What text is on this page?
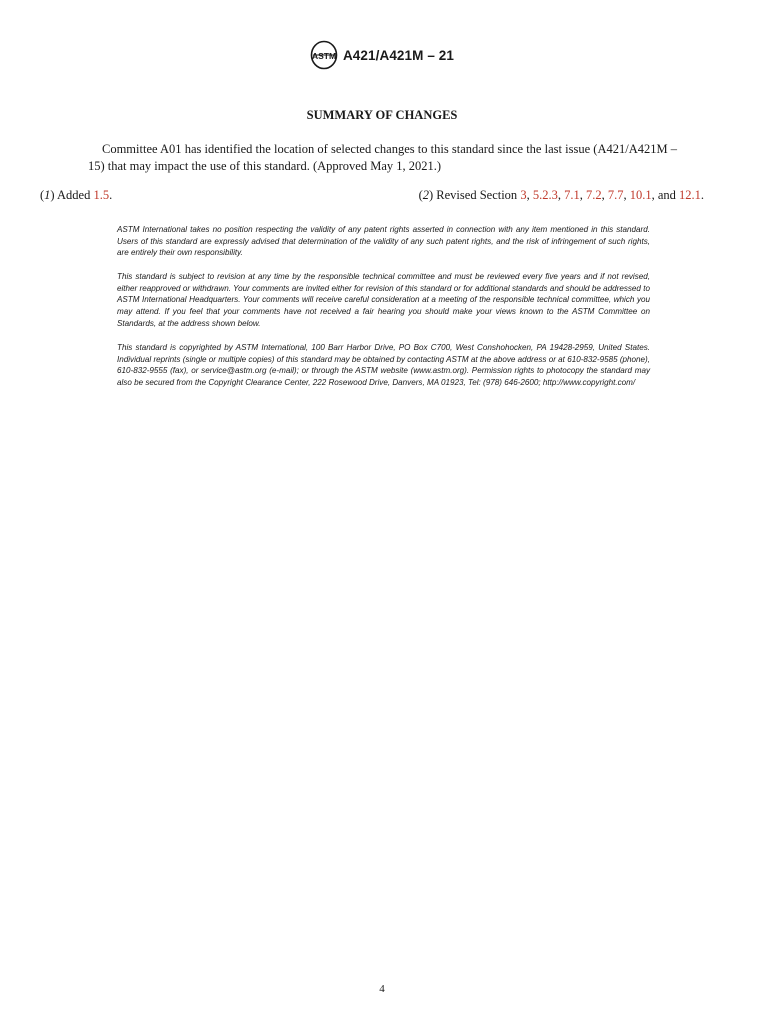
ASTM A421/A421M – 21
SUMMARY OF CHANGES

Committee A01 has identified the location of selected changes to this standard since the last issue (A421/A421M – 15) that may impact the use of this standard. (Approved May 1, 2021.)

(1) Added 1.5.	(2) Revised Section 3, 5.2.3, 7.1, 7.2, 7.7, 10.1, and 12.1.

ASTM International takes no position respecting the validity of any patent rights asserted in connection with any item mentioned in this standard. Users of this standard are expressly advised that determination of the validity of any such patent rights, and the risk of infringement of such rights, are entirely their own responsibility.

This standard is subject to revision at any time by the responsible technical committee and must be reviewed every five years and if not revised, either reapproved or withdrawn. Your comments are invited either for revision of this standard or for additional standards and should be addressed to ASTM International Headquarters. Your comments will receive careful consideration at a meeting of the responsible technical committee, which you may attend. If you feel that your comments have not received a fair hearing you should make your views known to the ASTM Committee on Standards, at the address shown below.

This standard is copyrighted by ASTM International, 100 Barr Harbor Drive, PO Box C700, West Conshohocken, PA 19428-2959, United States. Individual reprints (single or multiple copies) of this standard may be obtained by contacting ASTM at the above address or at 610-832-9585 (phone), 610-832-9555 (fax), or service@astm.org (e-mail); or through the ASTM website (www.astm.org). Permission rights to photocopy the standard may also be secured from the Copyright Clearance Center, 222 Rosewood Drive, Danvers, MA 01923, Tel: (978) 646-2600; http://www.copyright.com/

4
